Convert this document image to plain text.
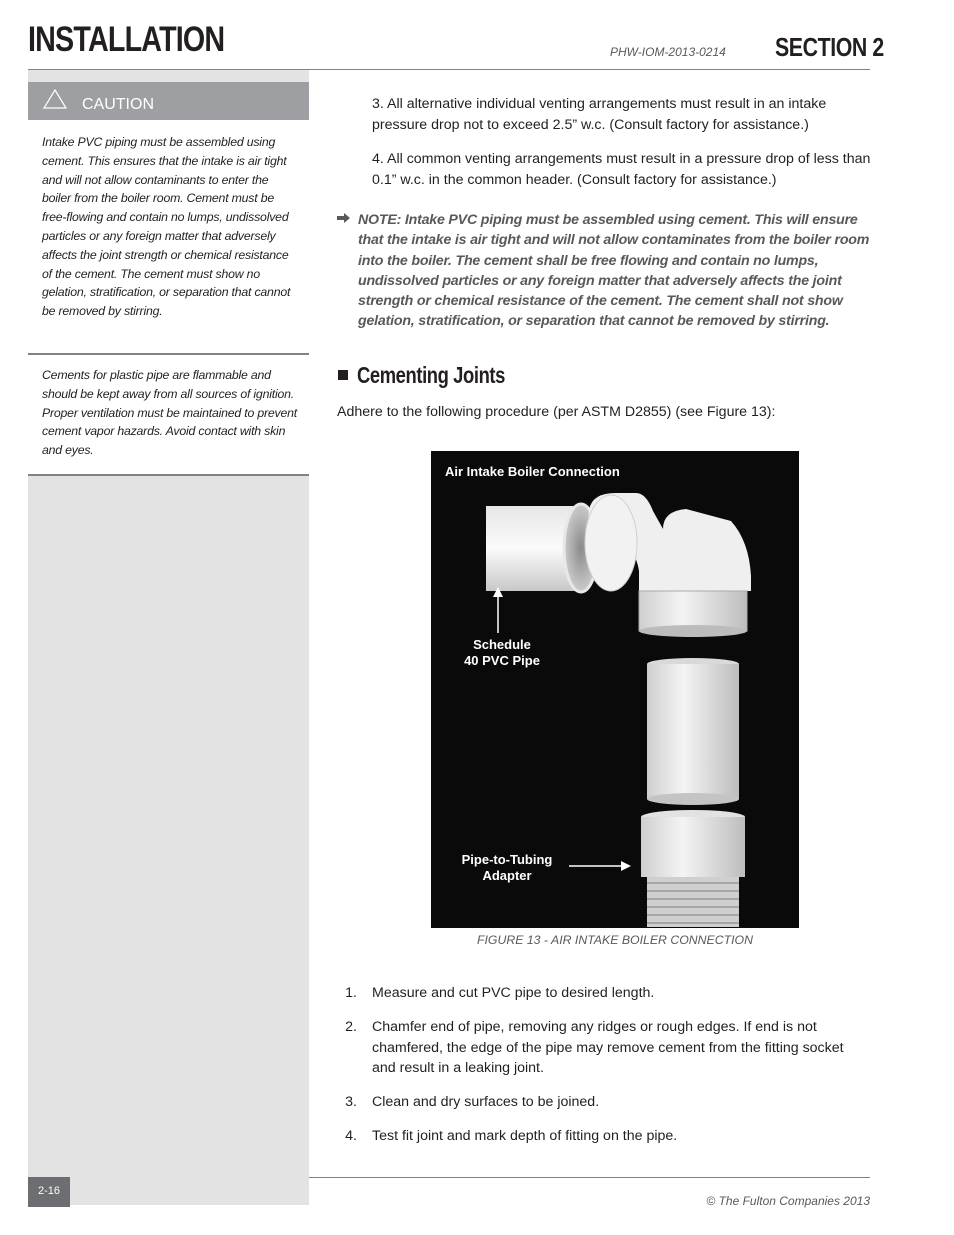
INSTALLATION	PHW-IOM-2013-0214 SECTION 2
CAUTION
Intake PVC piping must be assembled using cement. This ensures that the intake is air tight and will not allow contaminants to enter the boiler from the boiler room. Cement must be free-flowing and contain no lumps, undissolved particles or any foreign matter that adversely affects the joint strength or chemical resistance of the cement. The cement must show no gelation, stratification, or separation that cannot be removed by stirring.
Cements for plastic pipe are flammable and should be kept away from all sources of ignition. Proper ventilation must be maintained to prevent cement vapor hazards. Avoid contact with skin and eyes.
3. All alternative individual venting arrangements must result in an intake pressure drop not to exceed 2.5” w.c. (Consult factory for assistance.)
4. All common venting arrangements must result in a pressure drop of less than 0.1” w.c. in the common header. (Consult factory for assistance.)
NOTE: Intake PVC piping must be assembled using cement. This will ensure that the intake is air tight and will not allow contaminates from the boiler room into the boiler. The cement shall be free flowing and contain no lumps, undissolved particles or any foreign matter that adversely affects the joint strength or chemical resistance of the cement. The cement shall not show gelation, stratification, or separation that cannot be removed by stirring.
Cementing Joints
Adhere to the following procedure (per ASTM D2855) (see Figure 13):
Air Intake Boiler Connection
Schedule
40 PVC Pipe
Pipe-to-Tubing
Adapter
FIGURE 13 - AIR INTAKE BOILER CONNECTION
1. Measure and cut PVC pipe to desired length.
2. Chamfer end of pipe, removing any ridges or rough edges. If end is not chamfered, the edge of the pipe may remove cement from the fitting socket and result in a leaking joint.
3. Clean and dry surfaces to be joined.
4. Test fit joint and mark depth of fitting on the pipe.
2-16
© The Fulton Companies 2013
